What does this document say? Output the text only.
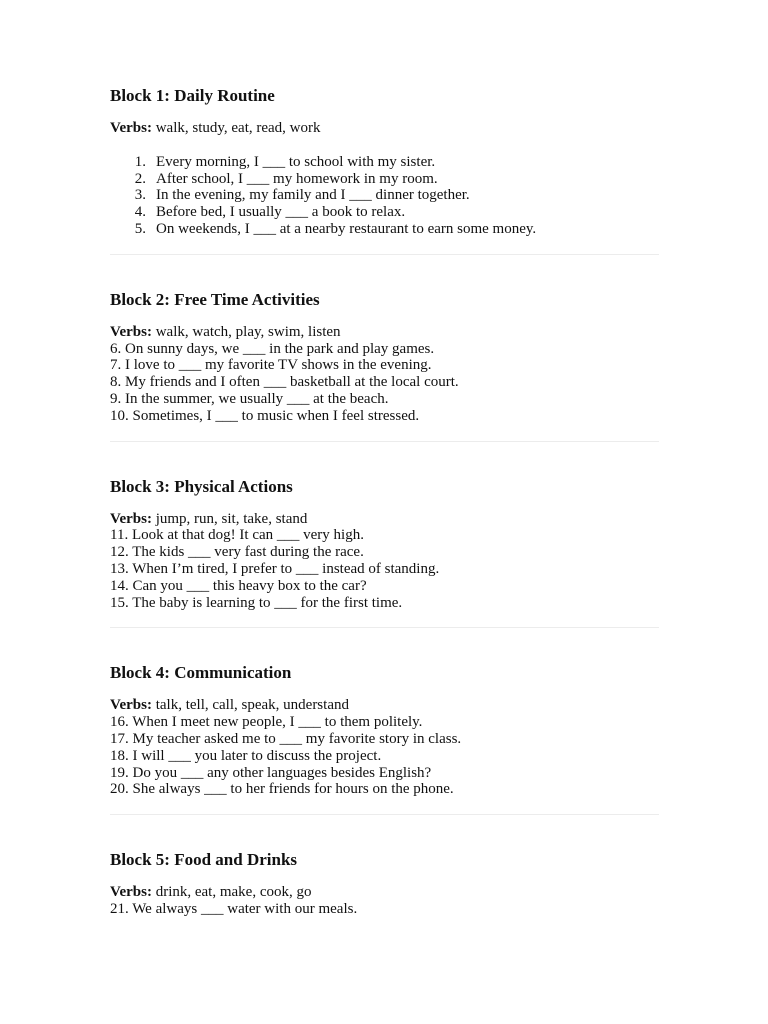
Block 1: Daily Routine

Verbs: walk, study, eat, read, work

1. Every morning, I ___ to school with my sister.
2. After school, I ___ my homework in my room.
3. In the evening, my family and I ___ dinner together.
4. Before bed, I usually ___ a book to relax.
5. On weekends, I ___ at a nearby restaurant to earn some money.
Block 2: Free Time Activities

Verbs: walk, watch, play, swim, listen

6. On sunny days, we ___ in the park and play games.

7. I love to ___ my favorite TV shows in the evening.

8. My friends and I often ___ basketball at the local court.

9. In the summer, we usually ___ at the beach.

10. Sometimes, I ___ to music when I feel stressed.

Block 3: Physical Actions

Verbs: jump, run, sit, take, stand

11. Look at that dog! It can ___ very high.

12. The kids ___ very fast during the race.

13. When I’m tired, I prefer to ___ instead of standing.

14. Can you ___ this heavy box to the car?

15. The baby is learning to ___ for the first time.

Block 4: Communication

Verbs: talk, tell, call, speak, understand

16. When I meet new people, I ___ to them politely.

17. My teacher asked me to ___ my favorite story in class.

18. I will ___ you later to discuss the project.

19. Do you ___ any other languages besides English?

20. She always ___ to her friends for hours on the phone.

Block 5: Food and Drinks

Verbs: drink, eat, make, cook, go

21. We always ___ water with our meals.
